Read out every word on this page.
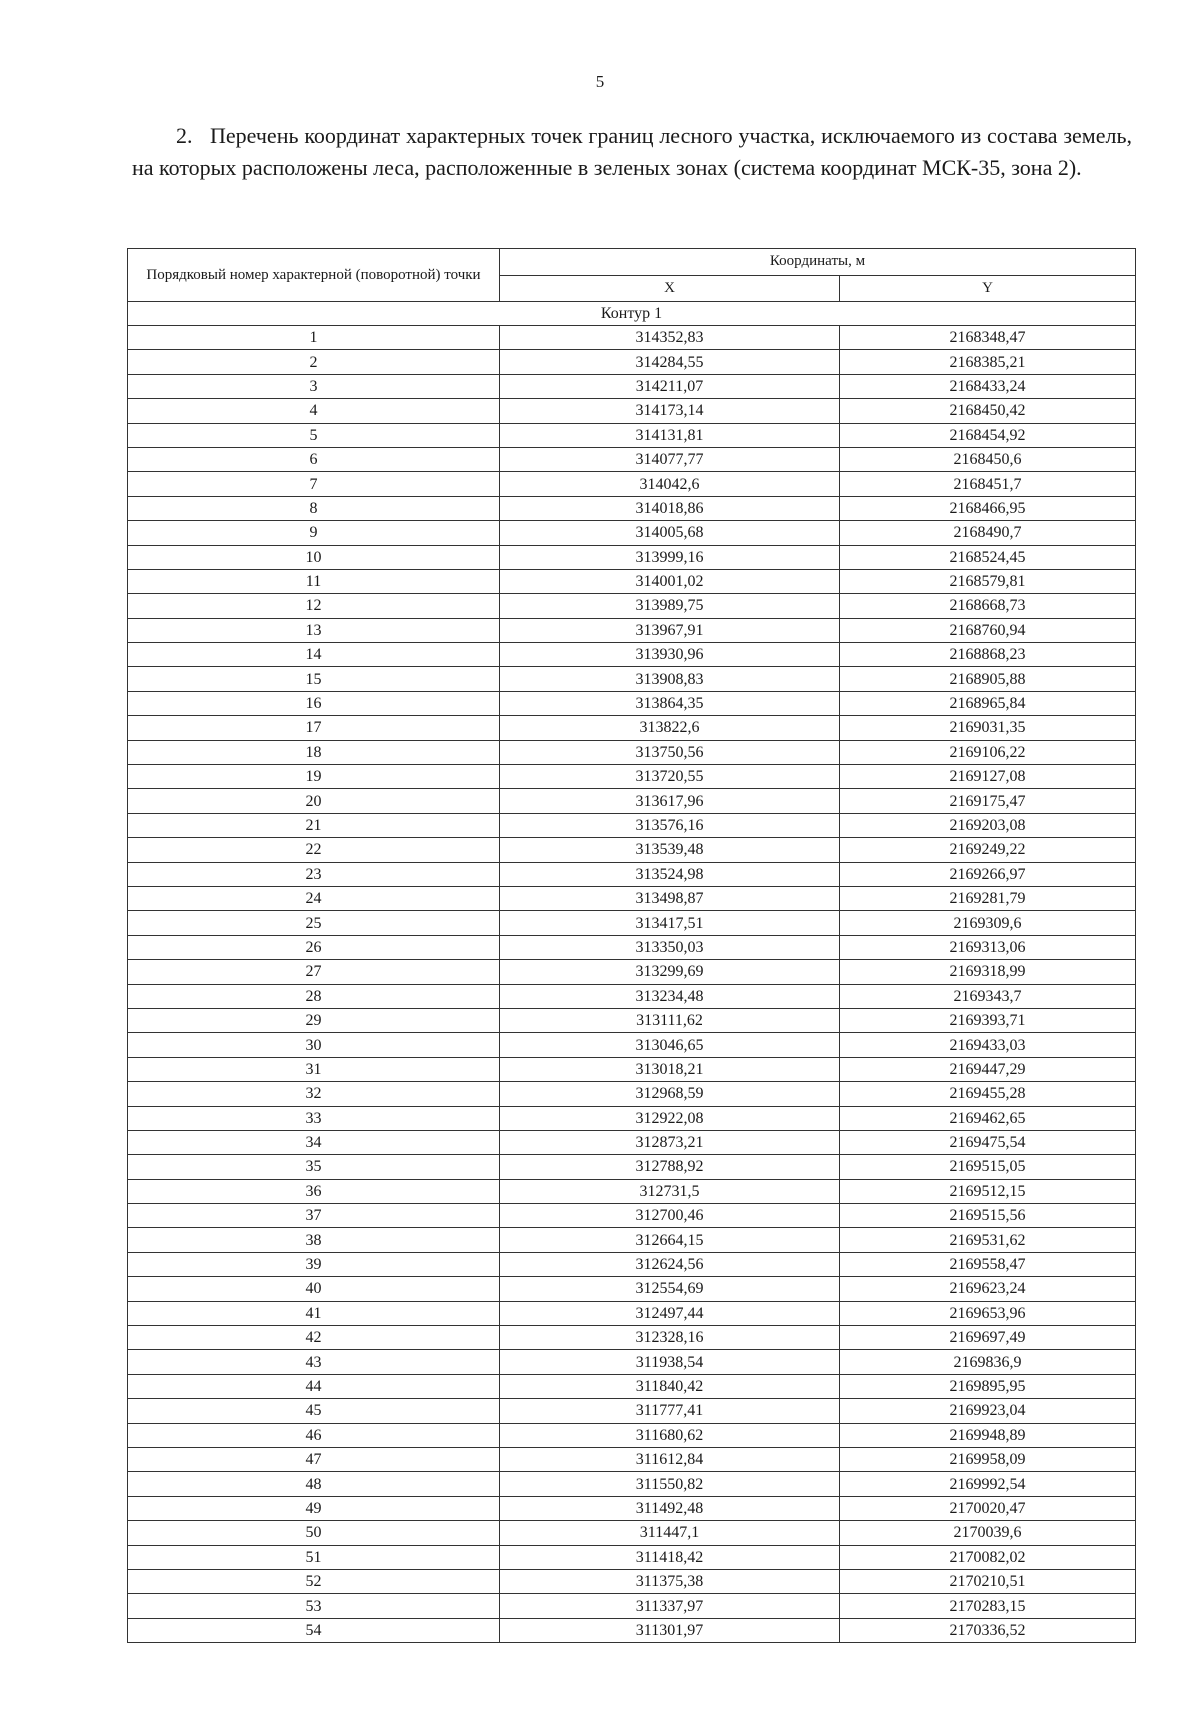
5
2. Перечень координат характерных точек границ лесного участка, исключаемого из состава земель, на которых расположены леса, расположенные в зеленых зонах (система координат МСК-35, зона 2).
Порядковый номер характерной (поворотной) точки	Координаты, м	
	X	Y
Контур 1		
1	314352,83	2168348,47
2	314284,55	2168385,21
3	314211,07	2168433,24
4	314173,14	2168450,42
5	314131,81	2168454,92
6	314077,77	2168450,6
7	314042,6	2168451,7
8	314018,86	2168466,95
9	314005,68	2168490,7
10	313999,16	2168524,45
11	314001,02	2168579,81
12	313989,75	2168668,73
13	313967,91	2168760,94
14	313930,96	2168868,23
15	313908,83	2168905,88
16	313864,35	2168965,84
17	313822,6	2169031,35
18	313750,56	2169106,22
19	313720,55	2169127,08
20	313617,96	2169175,47
21	313576,16	2169203,08
22	313539,48	2169249,22
23	313524,98	2169266,97
24	313498,87	2169281,79
25	313417,51	2169309,6
26	313350,03	2169313,06
27	313299,69	2169318,99
28	313234,48	2169343,7
29	313111,62	2169393,71
30	313046,65	2169433,03
31	313018,21	2169447,29
32	312968,59	2169455,28
33	312922,08	2169462,65
34	312873,21	2169475,54
35	312788,92	2169515,05
36	312731,5	2169512,15
37	312700,46	2169515,56
38	312664,15	2169531,62
39	312624,56	2169558,47
40	312554,69	2169623,24
41	312497,44	2169653,96
42	312328,16	2169697,49
43	311938,54	2169836,9
44	311840,42	2169895,95
45	311777,41	2169923,04
46	311680,62	2169948,89
47	311612,84	2169958,09
48	311550,82	2169992,54
49	311492,48	2170020,47
50	311447,1	2170039,6
51	311418,42	2170082,02
52	311375,38	2170210,51
53	311337,97	2170283,15
54	311301,97	2170336,52
